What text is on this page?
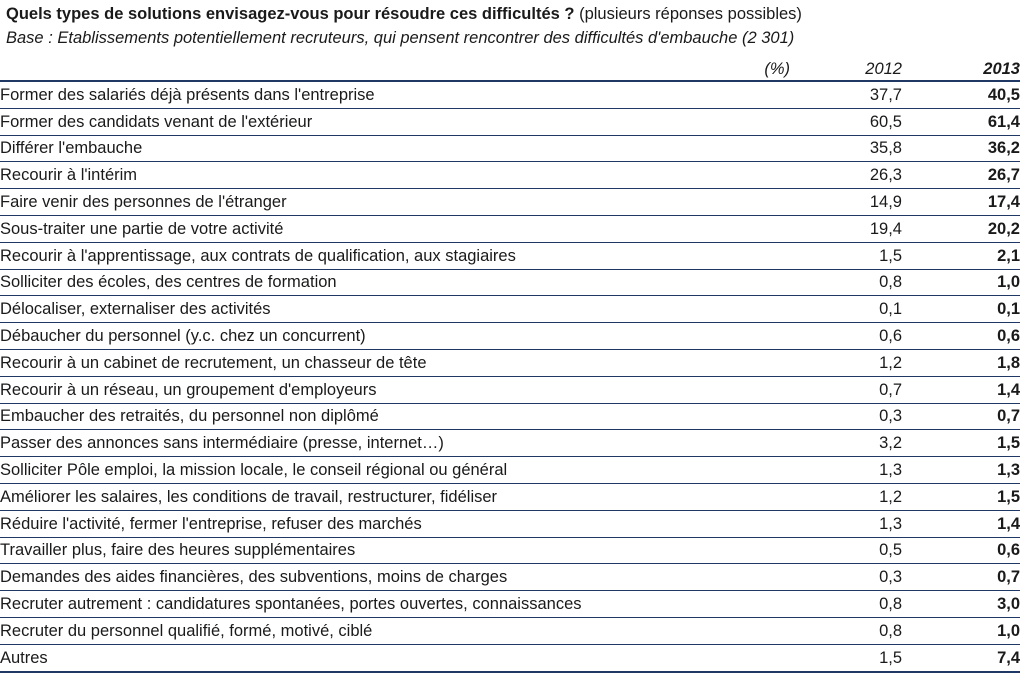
Quels types de solutions envisagez-vous pour résoudre ces difficultés ? (plusieurs réponses possibles)
Base : Etablissements potentiellement recruteurs, qui pensent rencontrer des difficultés d'embauche (2 301)
	(%)	2012	2013
Former des salariés déjà présents dans l'entreprise		37,7	40,5
Former des candidats venant de l'extérieur		60,5	61,4
Différer l'embauche		35,8	36,2
Recourir à l'intérim		26,3	26,7
Faire venir des personnes de l'étranger		14,9	17,4
Sous-traiter une partie de votre activité		19,4	20,2
Recourir à l'apprentissage, aux contrats de qualification, aux stagiaires		1,5	2,1
Solliciter des écoles, des centres de formation		0,8	1,0
Délocaliser, externaliser des activités		0,1	0,1
Débaucher du personnel (y.c. chez un concurrent)		0,6	0,6
Recourir à un cabinet de recrutement, un chasseur de tête		1,2	1,8
Recourir à un réseau, un groupement d'employeurs		0,7	1,4
Embaucher des retraités, du personnel non diplômé		0,3	0,7
Passer des annonces sans intermédiaire (presse, internet…)		3,2	1,5
Solliciter Pôle emploi, la mission locale, le conseil régional ou général		1,3	1,3
Améliorer les salaires, les conditions de travail, restructurer, fidéliser		1,2	1,5
Réduire l'activité, fermer l'entreprise, refuser des marchés		1,3	1,4
Travailler plus, faire des heures supplémentaires		0,5	0,6
Demandes des aides financières, des subventions, moins de charges		0,3	0,7
Recruter autrement : candidatures spontanées, portes ouvertes, connaissances		0,8	3,0
Recruter du personnel qualifié, formé, motivé, ciblé		0,8	1,0
Autres		1,5	7,4
